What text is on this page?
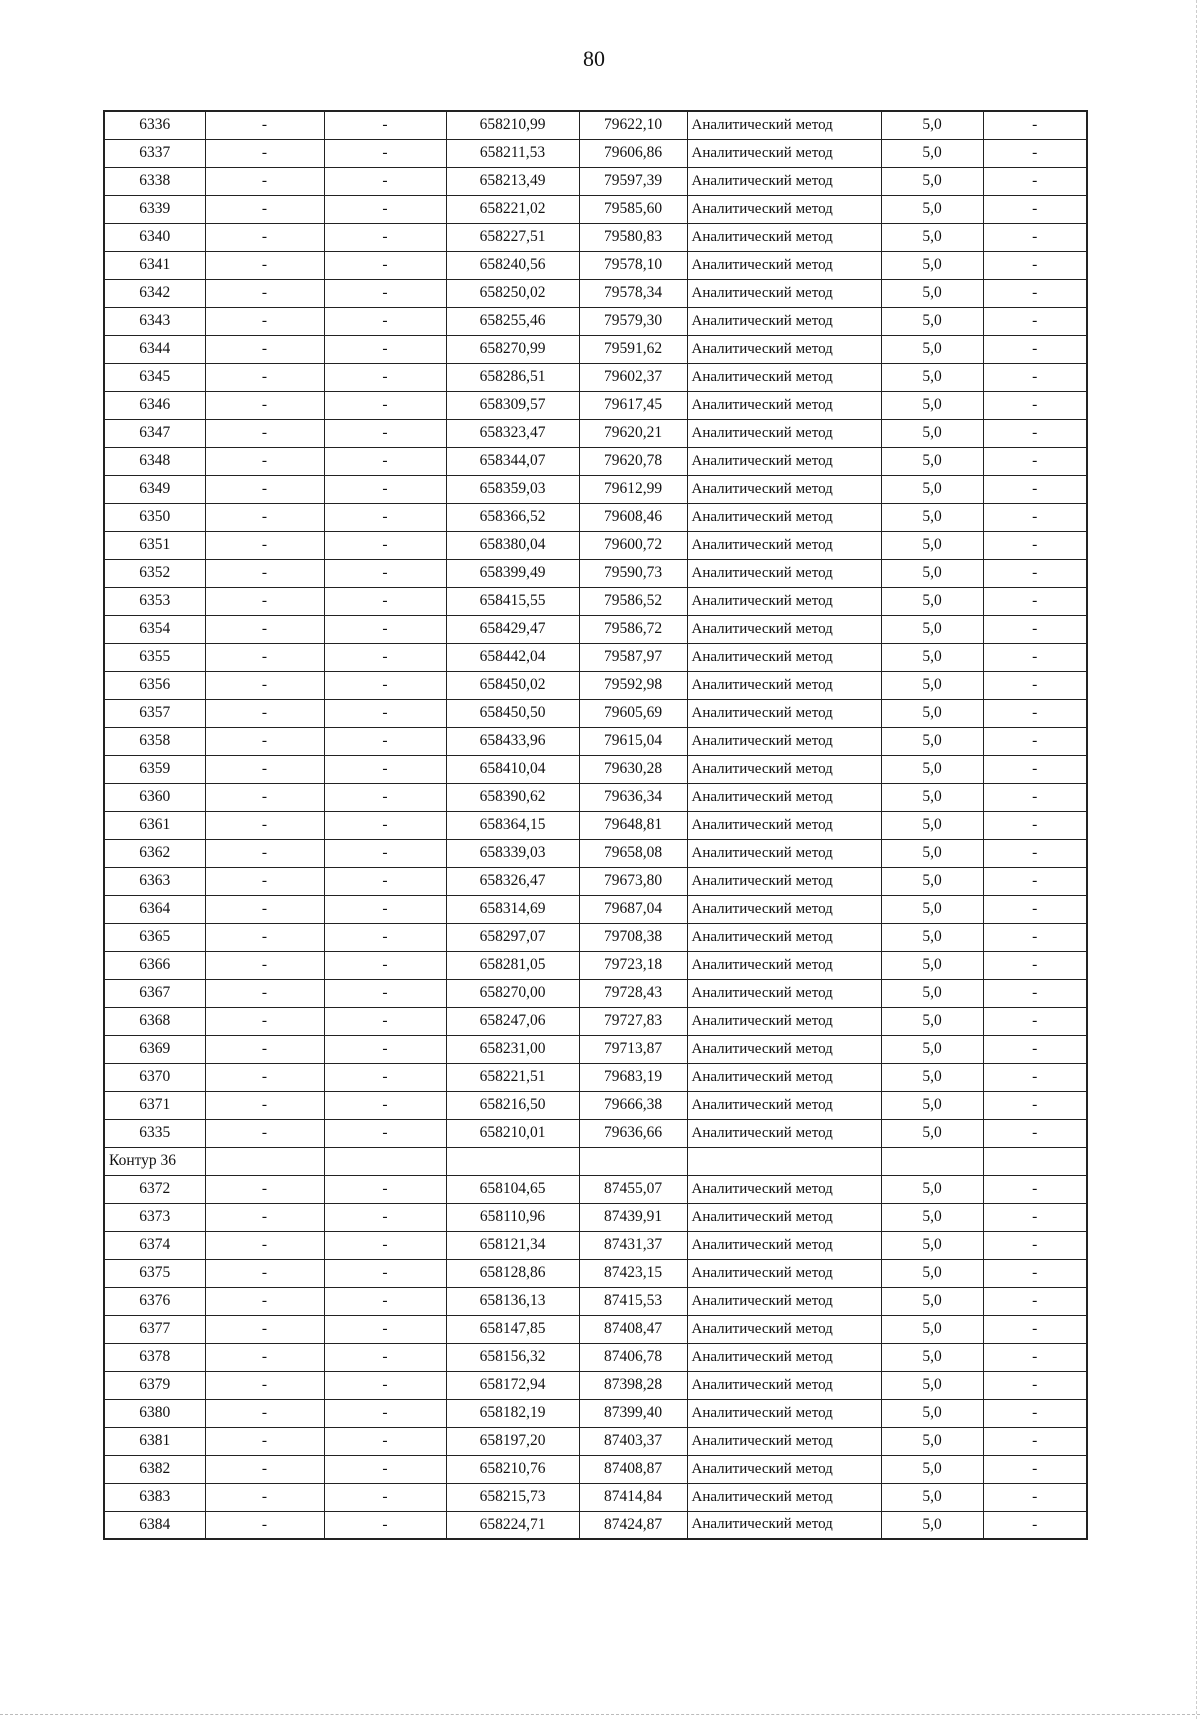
80
6336	-	-	658210,99	79622,10	Аналитический метод	5,0	-
6337	-	-	658211,53	79606,86	Аналитический метод	5,0	-
6338	-	-	658213,49	79597,39	Аналитический метод	5,0	-
6339	-	-	658221,02	79585,60	Аналитический метод	5,0	-
6340	-	-	658227,51	79580,83	Аналитический метод	5,0	-
6341	-	-	658240,56	79578,10	Аналитический метод	5,0	-
6342	-	-	658250,02	79578,34	Аналитический метод	5,0	-
6343	-	-	658255,46	79579,30	Аналитический метод	5,0	-
6344	-	-	658270,99	79591,62	Аналитический метод	5,0	-
6345	-	-	658286,51	79602,37	Аналитический метод	5,0	-
6346	-	-	658309,57	79617,45	Аналитический метод	5,0	-
6347	-	-	658323,47	79620,21	Аналитический метод	5,0	-
6348	-	-	658344,07	79620,78	Аналитический метод	5,0	-
6349	-	-	658359,03	79612,99	Аналитический метод	5,0	-
6350	-	-	658366,52	79608,46	Аналитический метод	5,0	-
6351	-	-	658380,04	79600,72	Аналитический метод	5,0	-
6352	-	-	658399,49	79590,73	Аналитический метод	5,0	-
6353	-	-	658415,55	79586,52	Аналитический метод	5,0	-
6354	-	-	658429,47	79586,72	Аналитический метод	5,0	-
6355	-	-	658442,04	79587,97	Аналитический метод	5,0	-
6356	-	-	658450,02	79592,98	Аналитический метод	5,0	-
6357	-	-	658450,50	79605,69	Аналитический метод	5,0	-
6358	-	-	658433,96	79615,04	Аналитический метод	5,0	-
6359	-	-	658410,04	79630,28	Аналитический метод	5,0	-
6360	-	-	658390,62	79636,34	Аналитический метод	5,0	-
6361	-	-	658364,15	79648,81	Аналитический метод	5,0	-
6362	-	-	658339,03	79658,08	Аналитический метод	5,0	-
6363	-	-	658326,47	79673,80	Аналитический метод	5,0	-
6364	-	-	658314,69	79687,04	Аналитический метод	5,0	-
6365	-	-	658297,07	79708,38	Аналитический метод	5,0	-
6366	-	-	658281,05	79723,18	Аналитический метод	5,0	-
6367	-	-	658270,00	79728,43	Аналитический метод	5,0	-
6368	-	-	658247,06	79727,83	Аналитический метод	5,0	-
6369	-	-	658231,00	79713,87	Аналитический метод	5,0	-
6370	-	-	658221,51	79683,19	Аналитический метод	5,0	-
6371	-	-	658216,50	79666,38	Аналитический метод	5,0	-
6335	-	-	658210,01	79636,66	Аналитический метод	5,0	-
Контур 36							
6372	-	-	658104,65	87455,07	Аналитический метод	5,0	-
6373	-	-	658110,96	87439,91	Аналитический метод	5,0	-
6374	-	-	658121,34	87431,37	Аналитический метод	5,0	-
6375	-	-	658128,86	87423,15	Аналитический метод	5,0	-
6376	-	-	658136,13	87415,53	Аналитический метод	5,0	-
6377	-	-	658147,85	87408,47	Аналитический метод	5,0	-
6378	-	-	658156,32	87406,78	Аналитический метод	5,0	-
6379	-	-	658172,94	87398,28	Аналитический метод	5,0	-
6380	-	-	658182,19	87399,40	Аналитический метод	5,0	-
6381	-	-	658197,20	87403,37	Аналитический метод	5,0	-
6382	-	-	658210,76	87408,87	Аналитический метод	5,0	-
6383	-	-	658215,73	87414,84	Аналитический метод	5,0	-
6384	-	-	658224,71	87424,87	Аналитический метод	5,0	-
